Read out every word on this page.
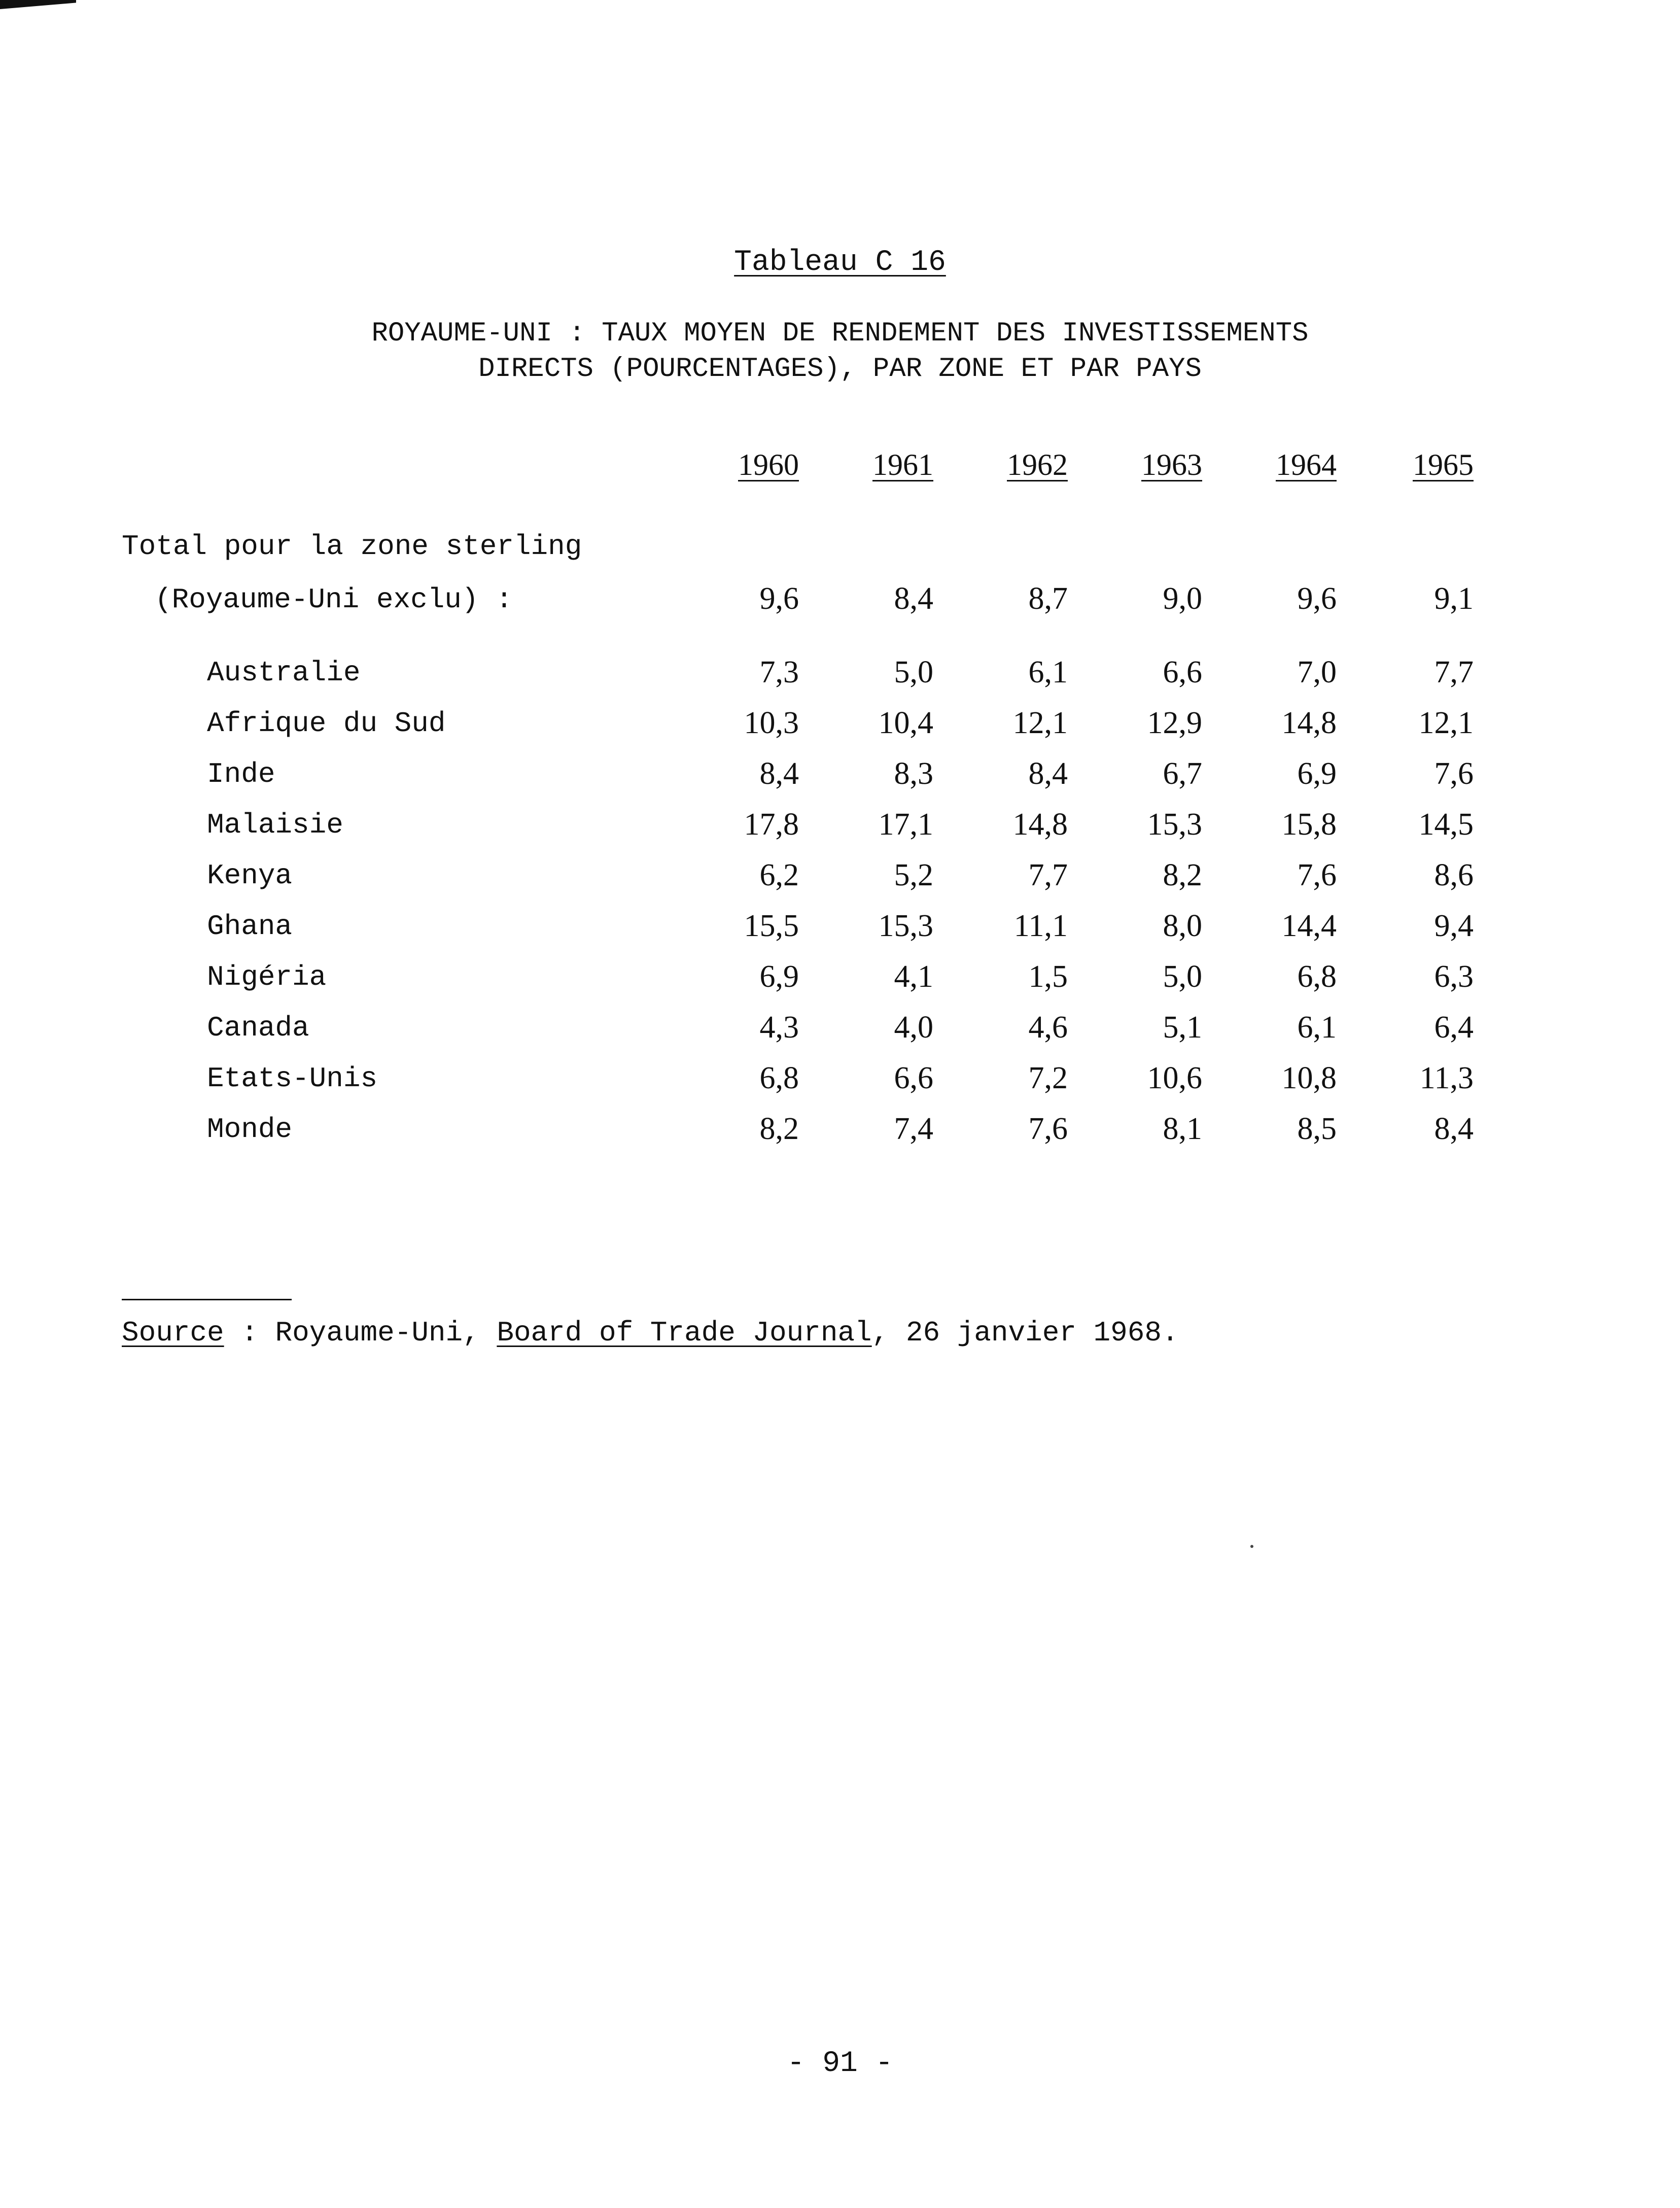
Tableau C 16
ROYAUME-UNI : TAUX MOYEN DE RENDEMENT DES INVESTISSEMENTS
DIRECTS (POURCENTAGES), PAR ZONE ET PAR PAYS
1960	1961	1962	1963	1964	1965
Total pour la zone sterling
(Royaume-Uni exclu) :	9,6	8,4	8,7	9,0	9,6	9,1
Australie	7,3	5,0	6,1	6,6	7,0	7,7
Afrique du Sud	10,3	10,4	12,1	12,9	14,8	12,1
Inde	8,4	8,3	8,4	6,7	6,9	7,6
Malaisie	17,8	17,1	14,8	15,3	15,8	14,5
Kenya	6,2	5,2	7,7	8,2	7,6	8,6
Ghana	15,5	15,3	11,1	8,0	14,4	9,4
Nigéria	6,9	4,1	1,5	5,0	6,8	6,3
Canada	4,3	4,0	4,6	5,1	6,1	6,4
Etats-Unis	6,8	6,6	7,2	10,6	10,8	11,3
Monde	8,2	7,4	7,6	8,1	8,5	8,4
Source : Royaume-Uni, Board of Trade Journal, 26 janvier 1968.
- 91 -
